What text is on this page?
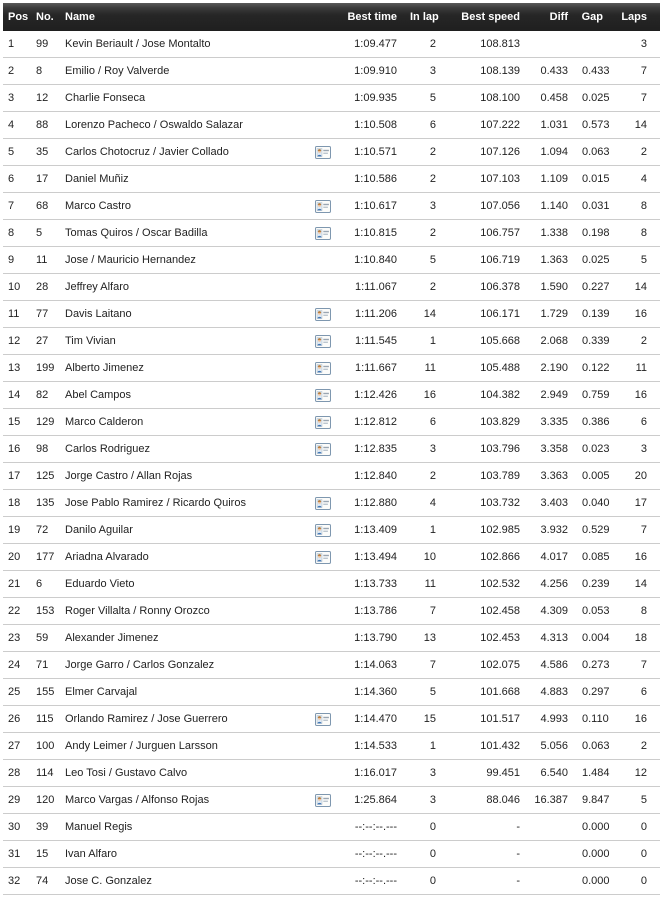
Pos	No.	Name		Best time	In lap	Best speed	Diff	Gap	Laps
1	99	Kevin Beriault / Jose Montalto		1:09.477	2	108.813			3
2	8	Emilio / Roy Valverde		1:09.910	3	108.139	0.433	0.433	7
3	12	Charlie Fonseca		1:09.935	5	108.100	0.458	0.025	7
4	88	Lorenzo Pacheco / Oswaldo Salazar		1:10.508	6	107.222	1.031	0.573	14
5	35	Carlos Chotocruz / Javier Collado		1:10.571	2	107.126	1.094	0.063	2
6	17	Daniel Muñiz		1:10.586	2	107.103	1.109	0.015	4
7	68	Marco Castro		1:10.617	3	107.056	1.140	0.031	8
8	5	Tomas Quiros / Oscar Badilla		1:10.815	2	106.757	1.338	0.198	8
9	11	Jose / Mauricio Hernandez		1:10.840	5	106.719	1.363	0.025	5
10	28	Jeffrey Alfaro		1:11.067	2	106.378	1.590	0.227	14
11	77	Davis Laitano		1:11.206	14	106.171	1.729	0.139	16
12	27	Tim Vivian		1:11.545	1	105.668	2.068	0.339	2
13	199	Alberto Jimenez		1:11.667	11	105.488	2.190	0.122	11
14	82	Abel Campos		1:12.426	16	104.382	2.949	0.759	16
15	129	Marco Calderon		1:12.812	6	103.829	3.335	0.386	6
16	98	Carlos Rodriguez		1:12.835	3	103.796	3.358	0.023	3
17	125	Jorge Castro / Allan Rojas		1:12.840	2	103.789	3.363	0.005	20
18	135	Jose Pablo Ramirez / Ricardo Quiros		1:12.880	4	103.732	3.403	0.040	17
19	72	Danilo Aguilar		1:13.409	1	102.985	3.932	0.529	7
20	177	Ariadna Alvarado		1:13.494	10	102.866	4.017	0.085	16
21	6	Eduardo Vieto		1:13.733	11	102.532	4.256	0.239	14
22	153	Roger Villalta / Ronny Orozco		1:13.786	7	102.458	4.309	0.053	8
23	59	Alexander Jimenez		1:13.790	13	102.453	4.313	0.004	18
24	71	Jorge Garro / Carlos Gonzalez		1:14.063	7	102.075	4.586	0.273	7
25	155	Elmer Carvajal		1:14.360	5	101.668	4.883	0.297	6
26	115	Orlando Ramirez / Jose Guerrero		1:14.470	15	101.517	4.993	0.110	16
27	100	Andy Leimer / Jurguen Larsson		1:14.533	1	101.432	5.056	0.063	2
28	114	Leo Tosi / Gustavo Calvo		1:16.017	3	99.451	6.540	1.484	12
29	120	Marco Vargas / Alfonso Rojas		1:25.864	3	88.046	16.387	9.847	5
30	39	Manuel Regis		--:--:--.---	0	-		0.000	0
31	15	Ivan Alfaro		--:--:--.---	0	-		0.000	0
32	74	Jose C. Gonzalez		--:--:--.---	0	-		0.000	0
